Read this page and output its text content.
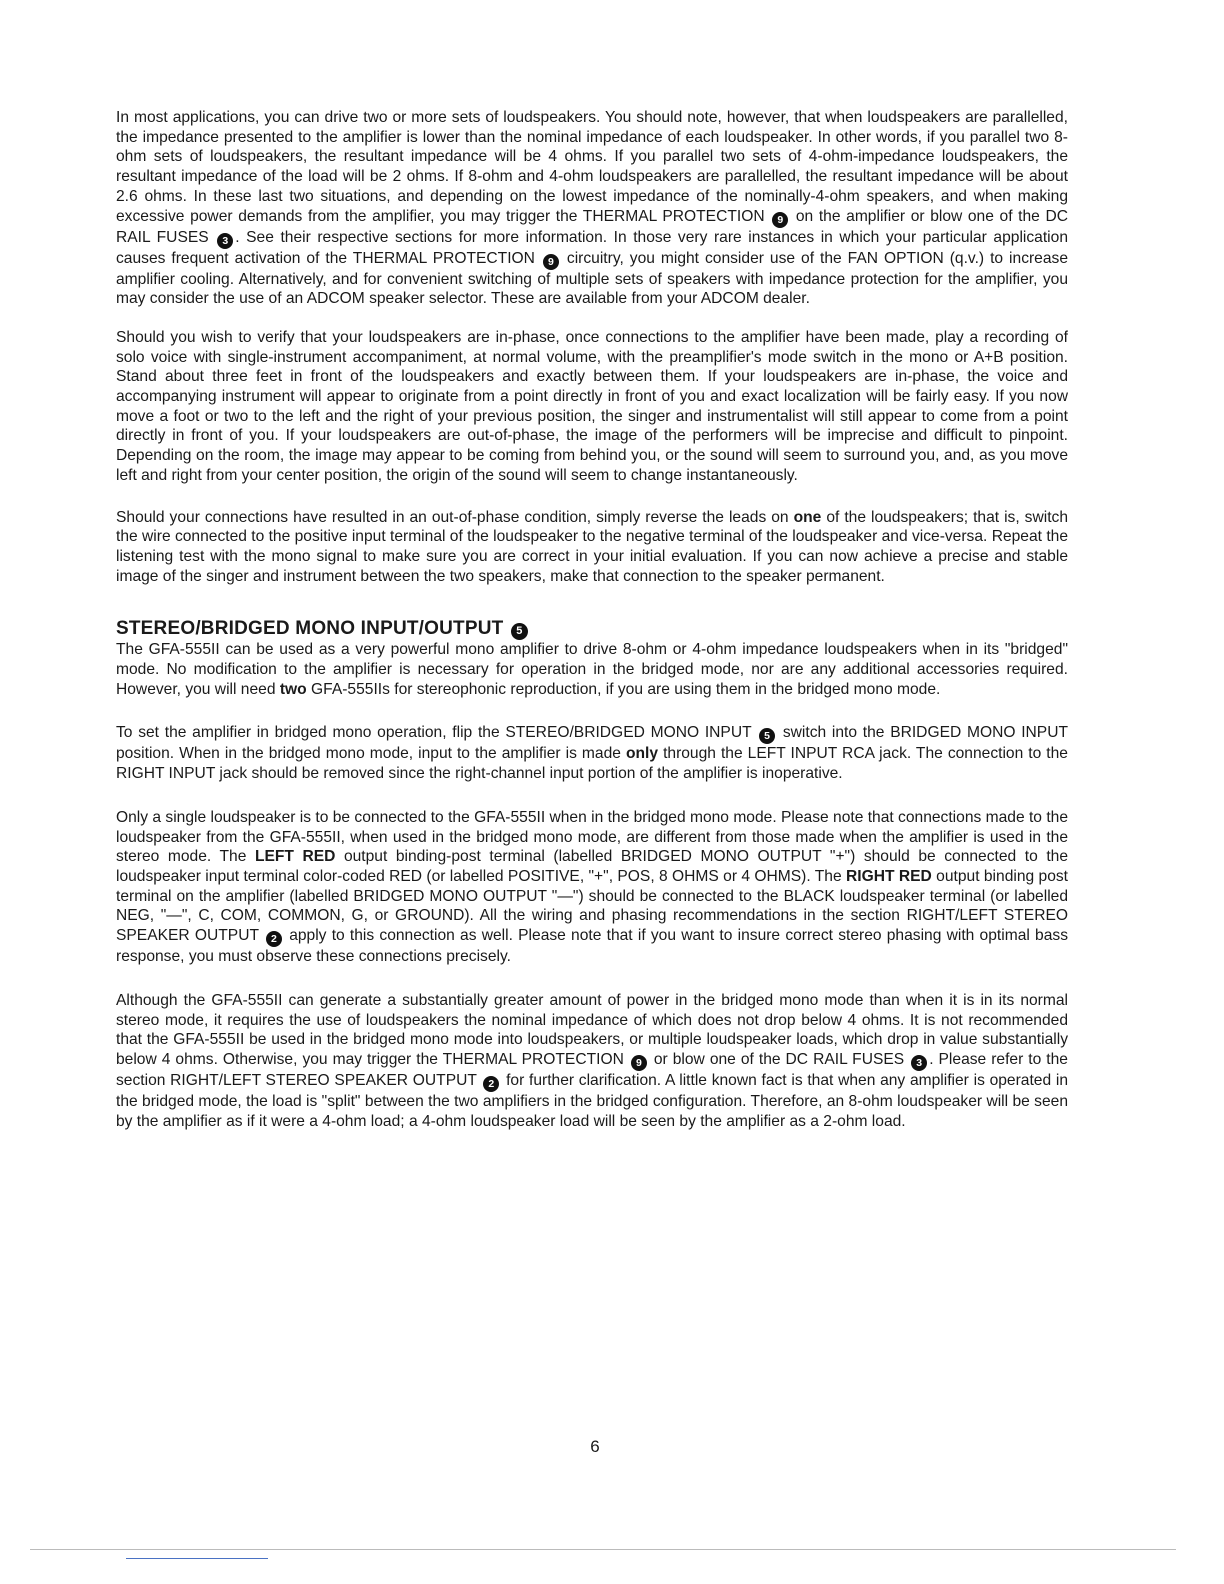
In most applications, you can drive two or more sets of loudspeakers. You should note, however, that when loudspeakers are parallelled, the impedance presented to the amplifier is lower than the nominal impedance of each loudspeaker. In other words, if you parallel two 8-ohm sets of loudspeakers, the resultant impedance will be 4 ohms. If you parallel two sets of 4-ohm-impedance loudspeakers, the resultant impedance of the load will be 2 ohms. If 8-ohm and 4-ohm loudspeakers are parallelled, the resultant impedance will be about 2.6 ohms. In these last two situations, and depending on the lowest impedance of the nominally-4-ohm speakers, and when making excessive power demands from the amplifier, you may trigger the THERMAL PROTECTION 9 on the amplifier or blow one of the DC RAIL FUSES 3 . See their respective sections for more information. In those very rare instances in which your particular application causes frequent activation of the THERMAL PROTECTION 9 circuitry, you might consider use of the FAN OPTION (q.v.) to increase amplifier cooling. Alternatively, and for convenient switching of multiple sets of speakers with impedance protection for the amplifier, you may consider the use of an ADCOM speaker selector. These are available from your ADCOM dealer.

Should you wish to verify that your loudspeakers are in-phase, once connections to the amplifier have been made, play a recording of solo voice with single-instrument accompaniment, at normal volume, with the preamplifier's mode switch in the mono or A+B position. Stand about three feet in front of the loudspeakers and exactly between them. If your loudspeakers are in-phase, the voice and accompanying instrument will appear to originate from a point directly in front of you and exact localization will be fairly easy. If you now move a foot or two to the left and the right of your previous position, the singer and instrumentalist will still appear to come from a point directly in front of you. If your loudspeakers are out-of-phase, the image of the performers will be imprecise and difficult to pinpoint. Depending on the room, the image may appear to be coming from behind you, or the sound will seem to surround you, and, as you move left and right from your center position, the origin of the sound will seem to change instantaneously.

Should your connections have resulted in an out-of-phase condition, simply reverse the leads on one of the loudspeakers; that is, switch the wire connected to the positive input terminal of the loudspeaker to the negative terminal of the loudspeaker and vice-versa. Repeat the listening test with the mono signal to make sure you are correct in your initial evaluation. If you can now achieve a precise and stable image of the singer and instrument between the two speakers, make that connection to the speaker permanent.

STEREO/BRIDGED MONO INPUT/OUTPUT 5

The GFA-555II can be used as a very powerful mono amplifier to drive 8-ohm or 4-ohm impedance loudspeakers when in its "bridged" mode. No modification to the amplifier is necessary for operation in the bridged mode, nor are any additional accessories required. However, you will need two GFA-555IIs for stereophonic reproduction, if you are using them in the bridged mono mode.

To set the amplifier in bridged mono operation, flip the STEREO/BRIDGED MONO INPUT 5 switch into the BRIDGED MONO INPUT position. When in the bridged mono mode, input to the amplifier is made only through the LEFT INPUT RCA jack. The connection to the RIGHT INPUT jack should be removed since the right-channel input portion of the amplifier is inoperative.

Only a single loudspeaker is to be connected to the GFA-555II when in the bridged mono mode. Please note that connections made to the loudspeaker from the GFA-555II, when used in the bridged mono mode, are different from those made when the amplifier is used in the stereo mode. The LEFT RED output binding-post terminal (labelled BRIDGED MONO OUTPUT "+") should be connected to the loudspeaker input terminal color-coded RED (or labelled POSITIVE, "+", POS, 8 OHMS or 4 OHMS). The RIGHT RED output binding post terminal on the amplifier (labelled BRIDGED MONO OUTPUT "—") should be connected to the BLACK loudspeaker terminal (or labelled NEG, "—", C, COM, COMMON, G, or GROUND). All the wiring and phasing recommendations in the section RIGHT/LEFT STEREO SPEAKER OUTPUT 2 apply to this connection as well. Please note that if you want to insure correct stereo phasing with optimal bass response, you must observe these connections precisely.

Although the GFA-555II can generate a substantially greater amount of power in the bridged mono mode than when it is in its normal stereo mode, it requires the use of loudspeakers the nominal impedance of which does not drop below 4 ohms. It is not recommended that the GFA-555II be used in the bridged mono mode into loudspeakers, or multiple loudspeaker loads, which drop in value substantially below 4 ohms. Otherwise, you may trigger the THERMAL PROTECTION 9 or blow one of the DC RAIL FUSES 3 . Please refer to the section RIGHT/LEFT STEREO SPEAKER OUTPUT 2 for further clarification. A little known fact is that when any amplifier is operated in the bridged mode, the load is "split" between the two amplifiers in the bridged configuration. Therefore, an 8-ohm loudspeaker will be seen by the amplifier as if it were a 4-ohm load; a 4-ohm loudspeaker load will be seen by the amplifier as a 2-ohm load.

6
